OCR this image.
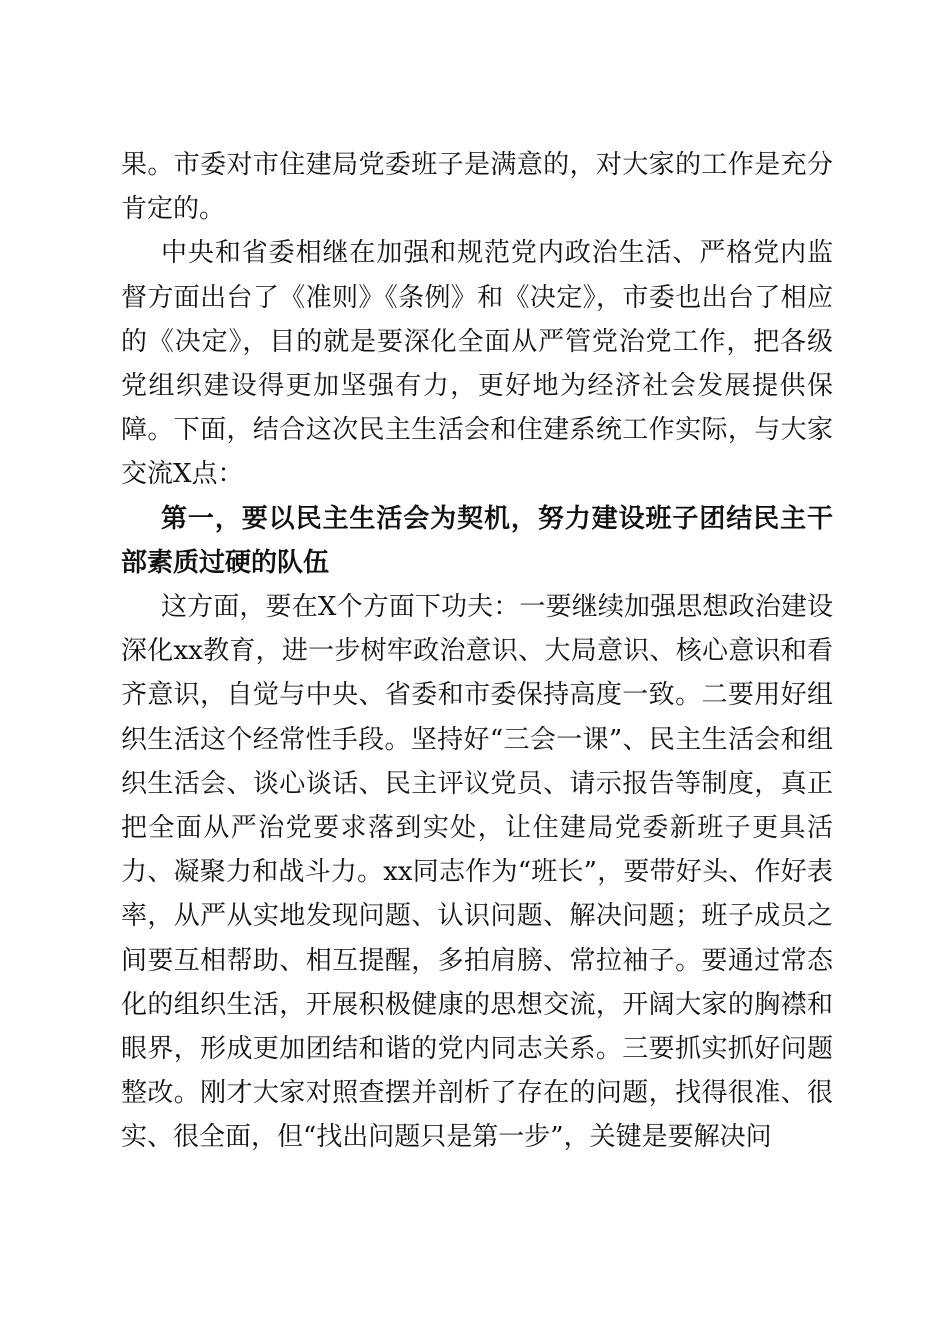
果。市委对市住建局党委班子是满意的，对大家的工作是充分肯定的。

中央和省委相继在加强和规范党内政治生活、严格党内监督方面出台了《准则》《条例》和《决定》，市委也出台了相应的《决定》，目的就是要深化全面从严管党治党工作，把各级党组织建设得更加坚强有力，更好地为经济社会发展提供保障。下面，结合这次民主生活会和住建系统工作实际，与大家交流X点：

第一，要以民主生活会为契机，努力建设班子团结民主干部素质过硬的队伍

这方面，要在X个方面下功夫：一要继续加强思想政治建设深化xx教育，进一步树牢政治意识、大局意识、核心意识和看齐意识，自觉与中央、省委和市委保持高度一致。二要用好组织生活这个经常性手段。坚持好“三会一课”、民主生活会和组织生活会、谈心谈话、民主评议党员、请示报告等制度，真正把全面从严治党要求落到实处，让住建局党委新班子更具活力、凝聚力和战斗力。xx同志作为“班长”，要带好头、作好表率，从严从实地发现问题、认识问题、解决问题；班子成员之间要互相帮助、相互提醒，多拍肩膀、常拉袖子。要通过常态化的组织生活，开展积极健康的思想交流，开阔大家的胸襟和眼界，形成更加团结和谐的党内同志关系。三要抓实抓好问题整改。刚才大家对照查摆并剖析了存在的问题，找得很准、很实、很全面，但“找出问题只是第一步”，关键是要解决问
